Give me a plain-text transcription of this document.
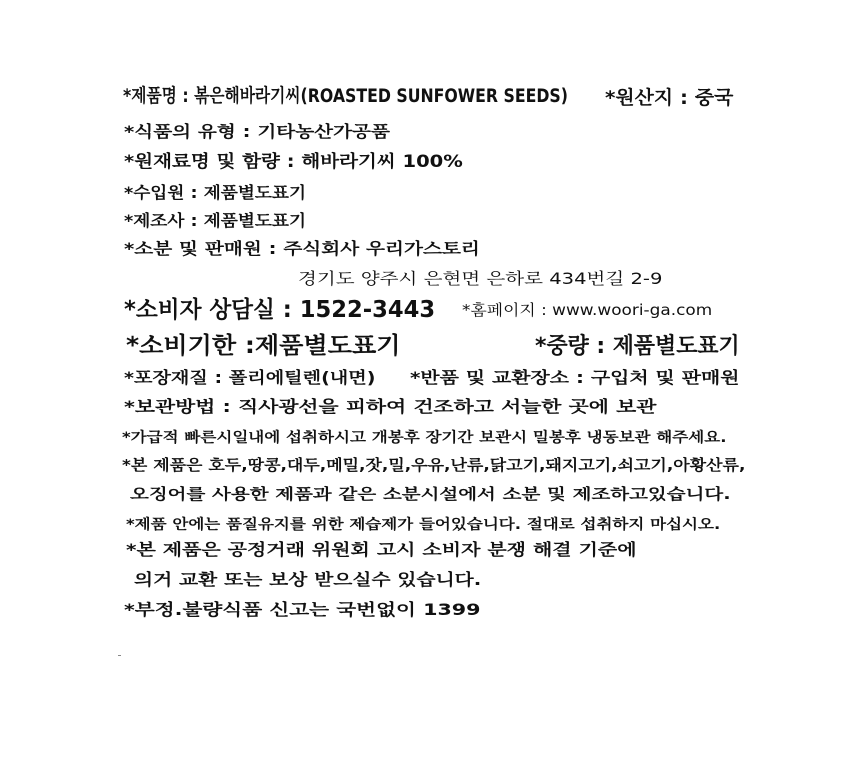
*제품명 : 볶은해바라기씨(ROASTED SUNFOWER SEEDS) *원산지 : 중국
*식품의 유형 : 기타농산가공품
*원재료명 및 함량 : 해바라기씨 100%
*수입원 : 제품별도표기
*제조사 : 제품별도표기
*소분 및 판매원 : 주식회사 우리가스토리
경기도 양주시 은현면 은하로 434번길 2-9
*소비자 상담실 : 1522-3443 *홈페이지 : www.woori-ga.com
*소비기한 :제품별도표기	*중량 : 제품별도표기
*포장재질 : 폴리에틸렌(내면) *반품 및 교환장소 : 구입처 및 판매원
*보관방법 : 직사광선을 피하여 건조하고 서늘한 곳에 보관
*가급적 빠른시일내에 섭취하시고 개봉후 장기간 보관시 밀봉후 냉동보관 해주세요.
*본 제품은 호두,땅콩,대두,메밀,잣,밀,우유,난류,닭고기,돼지고기,쇠고기,아황산류,
오징어를 사용한 제품과 같은 소분시설에서 소분 및 제조하고있습니다.
*제품 안에는 품질유지를 위한 제습제가 들어있습니다. 절대로 섭취하지 마십시오.
*본 제품은 공정거래 위원회 고시 소비자 분쟁 해결 기준에
의거 교환 또는 보상 받으실수 있습니다.
*부정.불량식품 신고는 국번없이 1399
